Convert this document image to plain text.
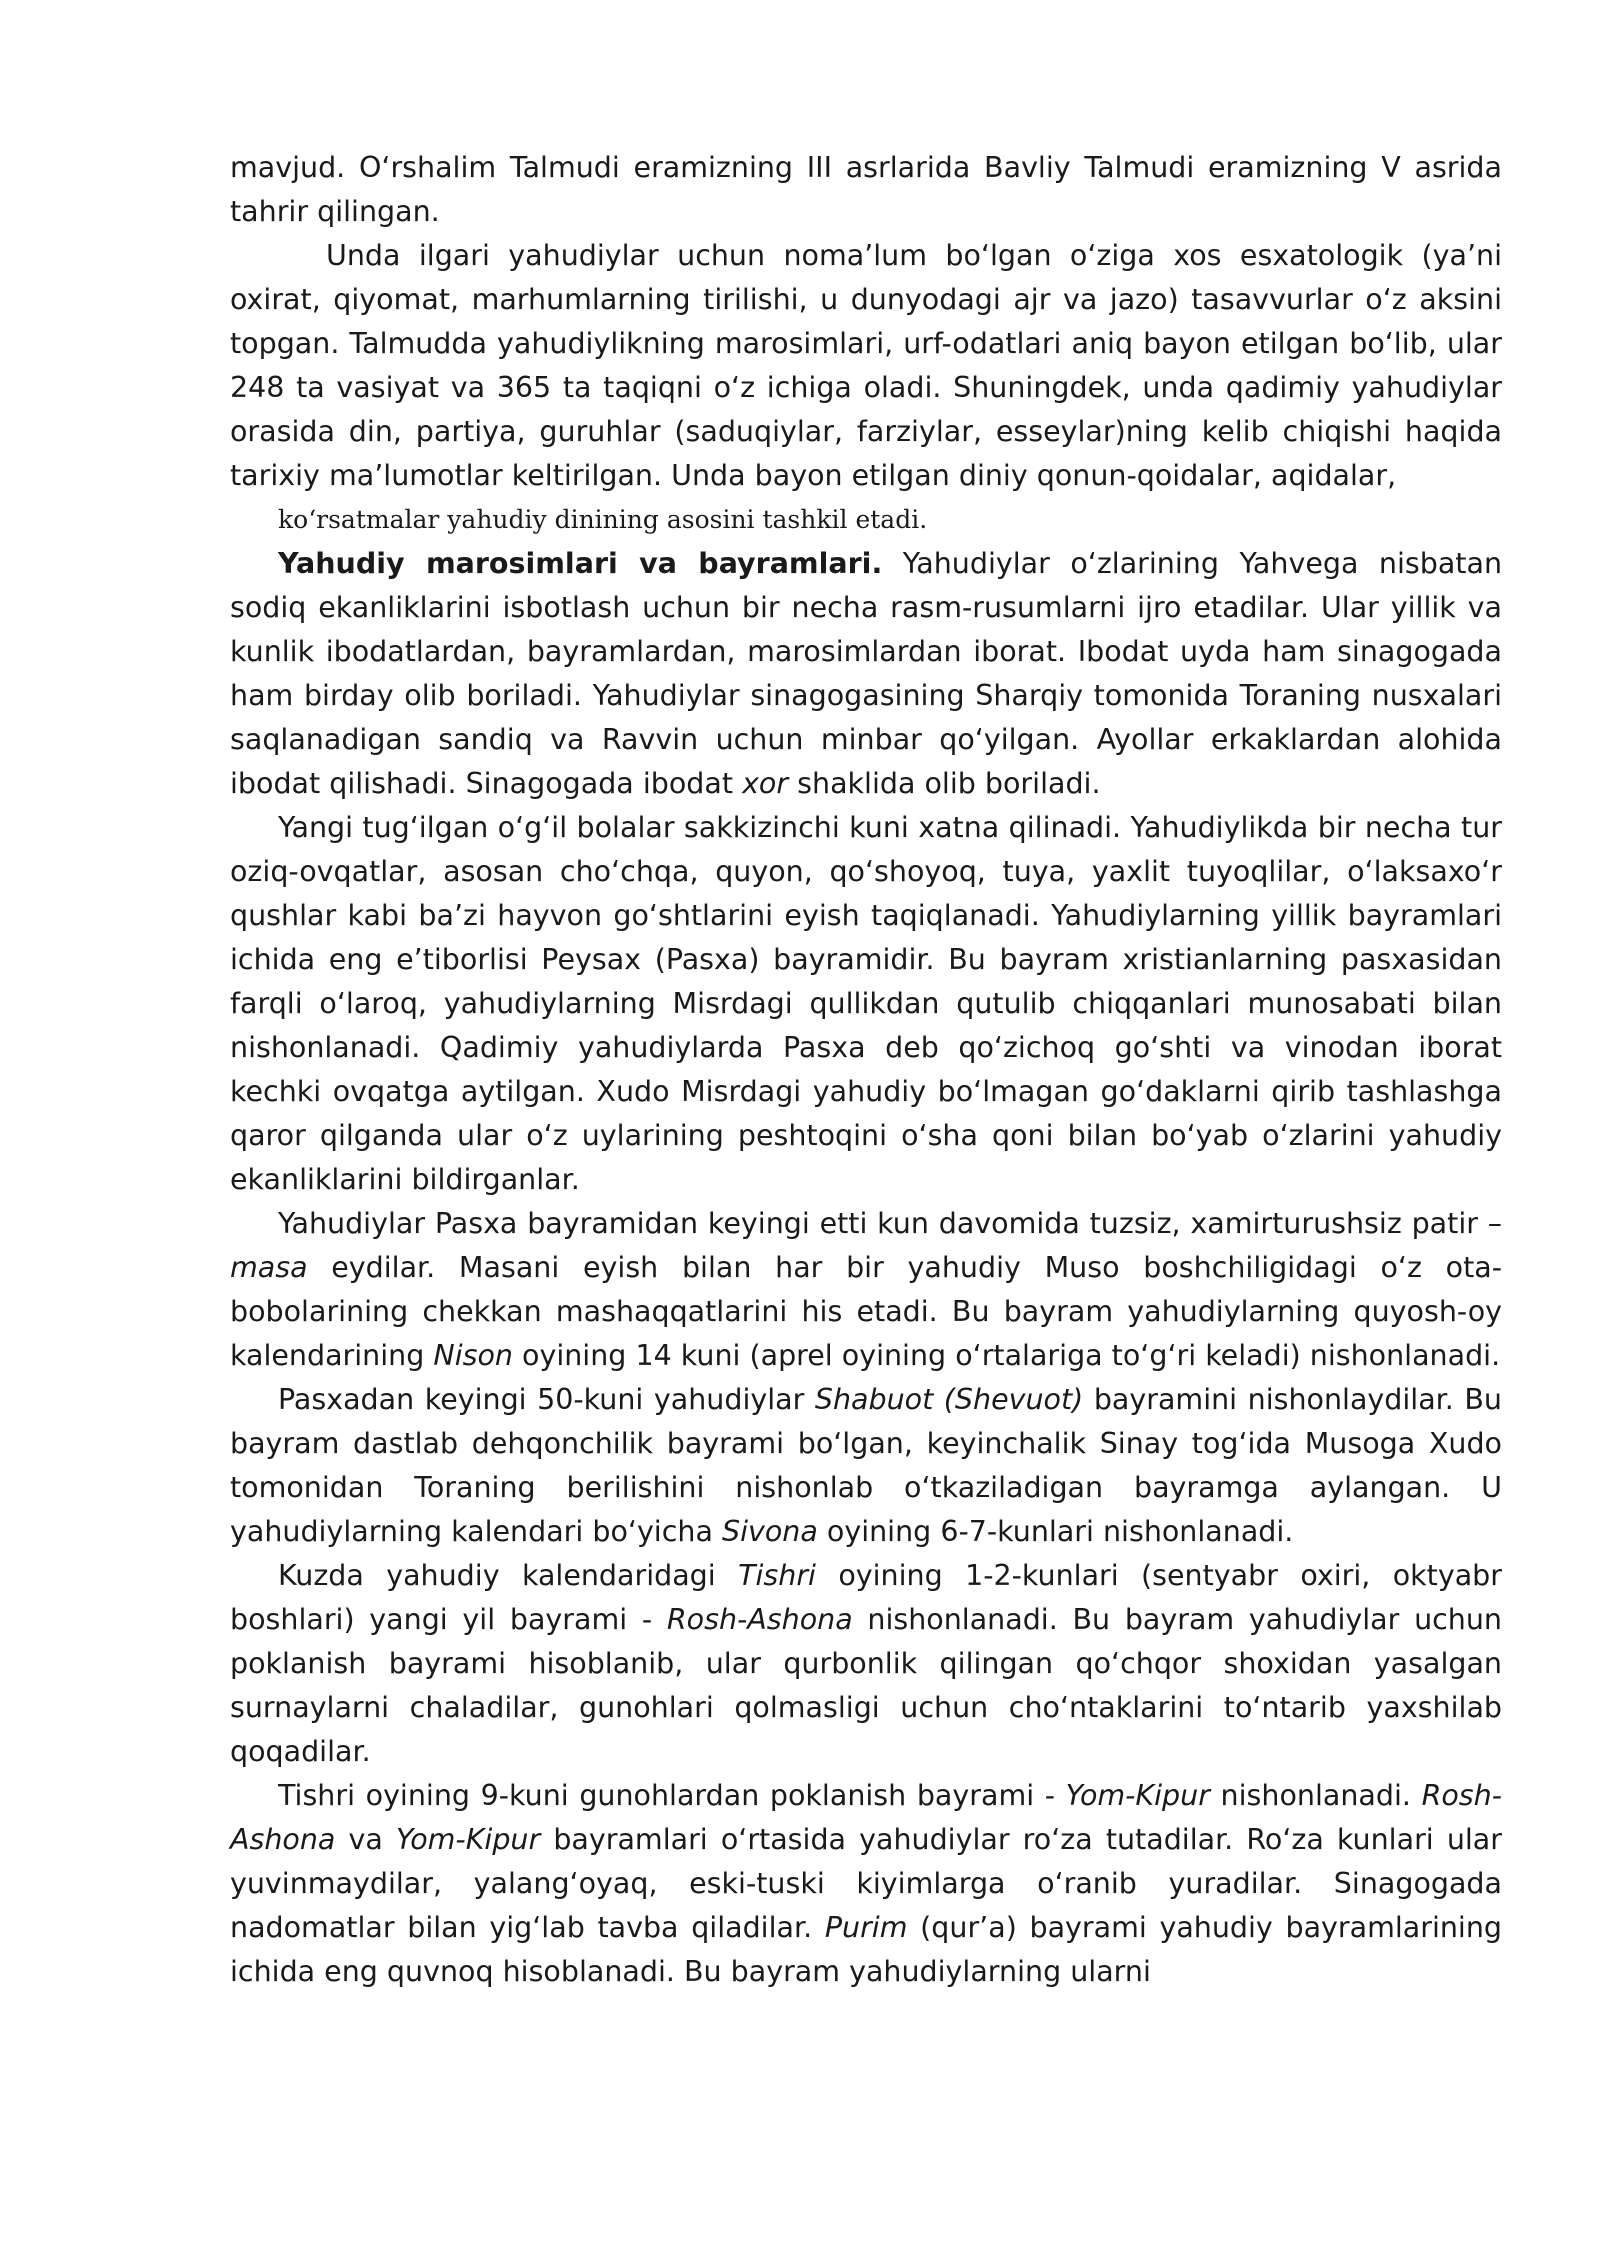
mavjud. O‘rshalim Talmudi eramizning III asrlarida Bavliy Talmudi eramizning V asrida tahrir qilingan.

Unda ilgari yahudiylar uchun noma’lum bo‘lgan o‘ziga xos esxatologik (ya’ni oxirat, qiyomat, marhumlarning tirilishi, u dunyodagi ajr va jazo) tasavvurlar o‘z aksini topgan. Talmudda yahudiylikning marosimlari, urf-odatlari aniq bayon etilgan bo‘lib, ular 248 ta vasiyat va 365 ta taqiqni o‘z ichiga oladi. Shuningdek, unda qadimiy yahudiylar orasida din, partiya, guruhlar (saduqiylar, farziylar, esseylar)ning kelib chiqishi haqida tarixiy ma’lumotlar keltirilgan. Unda bayon etilgan diniy qonun-qoidalar, aqidalar,

ko‘rsatmalar yahudiy dinining asosini tashkil etadi.

Yahudiy marosimlari va bayramlari. Yahudiylar o‘zlarining Yahvega nisbatan sodiq ekanliklarini isbotlash uchun bir necha rasm-rusumlarni ijro etadilar. Ular yillik va kunlik ibodatlardan, bayramlardan, marosimlardan iborat. Ibodat uyda ham sinagogada ham birday olib boriladi. Yahudiylar sinagogasining Sharqiy tomonida Toraning nusxalari saqlanadigan sandiq va Ravvin uchun minbar qo‘yilgan. Ayollar erkaklardan alohida ibodat qilishadi. Sinagogada ibodat xor shaklida olib boriladi.

Yangi tug‘ilgan o‘g‘il bolalar sakkizinchi kuni xatna qilinadi. Yahudiylikda bir necha tur oziq-ovqatlar, asosan cho‘chqa, quyon, qo‘shoyoq, tuya, yaxlit tuyoqlilar, o‘laksaxo‘r qushlar kabi ba’zi hayvon go‘shtlarini eyish taqiqlanadi. Yahudiylarning yillik bayramlari ichida eng e’tiborlisi Peysax (Pasxa) bayramidir. Bu bayram xristianlarning pasxasidan farqli o‘laroq, yahudiylarning Misrdagi qullikdan qutulib chiqqanlari munosabati bilan nishonlanadi. Qadimiy yahudiylarda Pasxa deb qo‘zichoq go‘shti va vinodan iborat kechki ovqatga aytilgan. Xudo Misrdagi yahudiy bo‘lmagan go‘daklarni qirib tashlashga qaror qilganda ular o‘z uylarining peshtoqini o‘sha qoni bilan bo‘yab o‘zlarini yahudiy ekanliklarini bildirganlar.

Yahudiylar Pasxa bayramidan keyingi etti kun davomida tuzsiz, xamirturushsiz patir – masa eydilar. Masani eyish bilan har bir yahudiy Muso boshchiligidagi o‘z ota-bobolarining chekkan mashaqqatlarini his etadi. Bu bayram yahudiylarning quyosh-oy kalendarining Nison oyining 14 kuni (aprel oyining o‘rtalariga to‘g‘ri keladi) nishonlanadi.

Pasxadan keyingi 50-kuni yahudiylar Shabuot (Shevuot) bayramini nishonlaydilar. Bu bayram dastlab dehqonchilik bayrami bo‘lgan, keyinchalik Sinay tog‘ida Musoga Xudo tomonidan Toraning berilishini nishonlab o‘tkaziladigan bayramga aylangan. U yahudiylarning kalendari bo‘yicha Sivona oyining 6-7-kunlari nishonlanadi.

Kuzda yahudiy kalendaridagi Tishri oyining 1-2-kunlari (sentyabr oxiri, oktyabr boshlari) yangi yil bayrami - Rosh-Ashona nishonlanadi. Bu bayram yahudiylar uchun poklanish bayrami hisoblanib, ular qurbonlik qilingan qo‘chqor shoxidan yasalgan surnaylarni chaladilar, gunohlari qolmasligi uchun cho‘ntaklarini to‘ntarib yaxshilab qoqadilar.

Tishri oyining 9-kuni gunohlardan poklanish bayrami - Yom-Kipur nishonlanadi. Rosh-Ashona va Yom-Kipur bayramlari o‘rtasida yahudiylar ro‘za tutadilar. Ro‘za kunlari ular yuvinmaydilar, yalang‘oyaq, eski-tuski kiyimlarga o‘ranib yuradilar. Sinagogada nadomatlar bilan yig‘lab tavba qiladilar. Purim (qur’a) bayrami yahudiy bayramlarining ichida eng quvnoq hisoblanadi. Bu bayram yahudiylarning ularni
